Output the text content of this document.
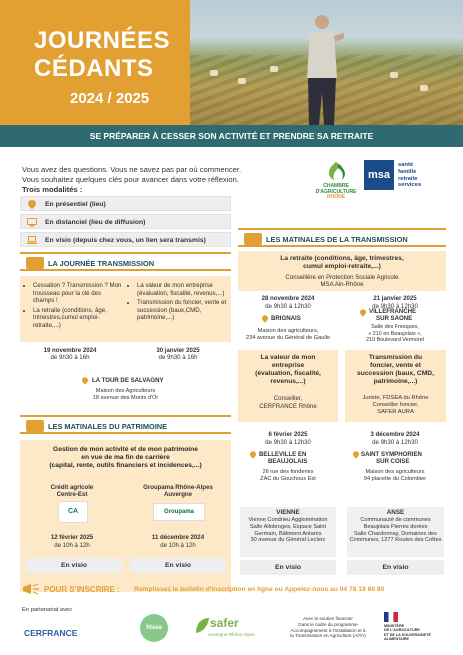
JOURNÉES
CÉDANTS
2024 / 2025
SE PRÉPARER À CESSER SON ACTIVITÉ ET PRENDRE SA RETRAITE
Vous avez des questions. Vous ne savez pas par où commencer.
Vous souhaitez quelques clés pour avancer dans votre réflexion.
Trois modalités :	CHAMBRE
D'AGRICULTURE
RHÔNE
msa
santé
famille
retraite
services
En présentiel (lieu)
En distanciel (lieu de diffusion)
En visio (depuis chez vous, un lien sera transmis)
LA JOURNÉE TRANSMISSION
• Cessation ? Transmission ? Mon trousseau pour la clé des champs !
• La retraite (conditions, âge, trimestres,cumul emploi-retraite,...)
• La valeur de mon entreprise (évaluation, fiscalité, revenus,...)
• Transmission du foncier, vente et succession (baux,CMD, patrimoine,...)
19 novembre 2024
de 9h30 à 16h
30 janvier 2025
de 9h30 à 16h
LA TOUR DE SALVAGNY
Maison des Agriculteurs
18 avenue des Monts d'Or
LES MATINALES DU PATRIMOINE
Gestion de mon activité et de mon patrimoine
en vue de ma fin de carrière
(capital, rente, outils financiers et incidences,...)
Crédit agricole
Centre-Est
CA
Groupama Rhône-Alpes
Auvergne
Groupama
12 février 2025
de 10h à 12h
11 décembre 2024
de 10h à 12h
En visio	En visio
LES MATINALES DE LA TRANSMISSION
La retraite (conditions, âge, trimestres,
cumul emploi-retraite,...)
Conseillère en Protection Sociale Agricole
MSA Ain-Rhône
28 novembre 2024
de 9h30 à 12h30
21 janvier 2025
de 9h30 à 12h30
BRIGNAIS
Maison des agriculteurs,
234 avenue du Général de Gaulle
VILLEFRANCHE
SUR SAONE
Salle des Fresques,
« 210 en Beaujolais »,
210 Boulevard Vermorel
La valeur de mon
entreprise
(évaluation, fiscalité,
revenus,...)
Conseiller,
CERFRANCE Rhône
Transmission du
foncier, vente et
succession (baux, CMD,
patrimoine,...)
Juriste, FDSEA du Rhône
Conseiller foncier,
SAFER AURA
6 février 2025
de 9h30 à 12h30
3 décembre 2024
de 9h30 à 12h30
BELLEVILLE EN
BEAUJOLAIS
26 rue des fonderies
ZAC du Gouchoux Est
SAINT SYMPHORIEN
SUR COISE
Maison des agriculteurs
94 placette du Colombier
VIENNE
Vienne Condrieu Agglomération
Salle Allobroges, Espace Saint
Germain, Bâtiment Antarès
30 avenue du Général Leclerc
ANSE
Communauté de communes
Beaujolais Pierres dorées
Salle Chardonnay, Domaines des
Communes, 1277 Routes des Crêtes
En visio	En visio
POUR S'INSCRIRE : Remplissez le bulletin d'inscription en ligne ou Appelez-nous au 04 78 19 60 80
En partenariat avec
CERFRANCE	fdsea	safer
Auvergne-Rhône-Alpes
Avec le soutien financier
Dans le cadre du programme
Accompagnement à l'Installation et à
la Transmission en Agriculture (AITA)
MINISTÈRE
DE L'AGRICULTURE
ET DE LA SOUVERAINETÉ
ALIMENTAIRE
